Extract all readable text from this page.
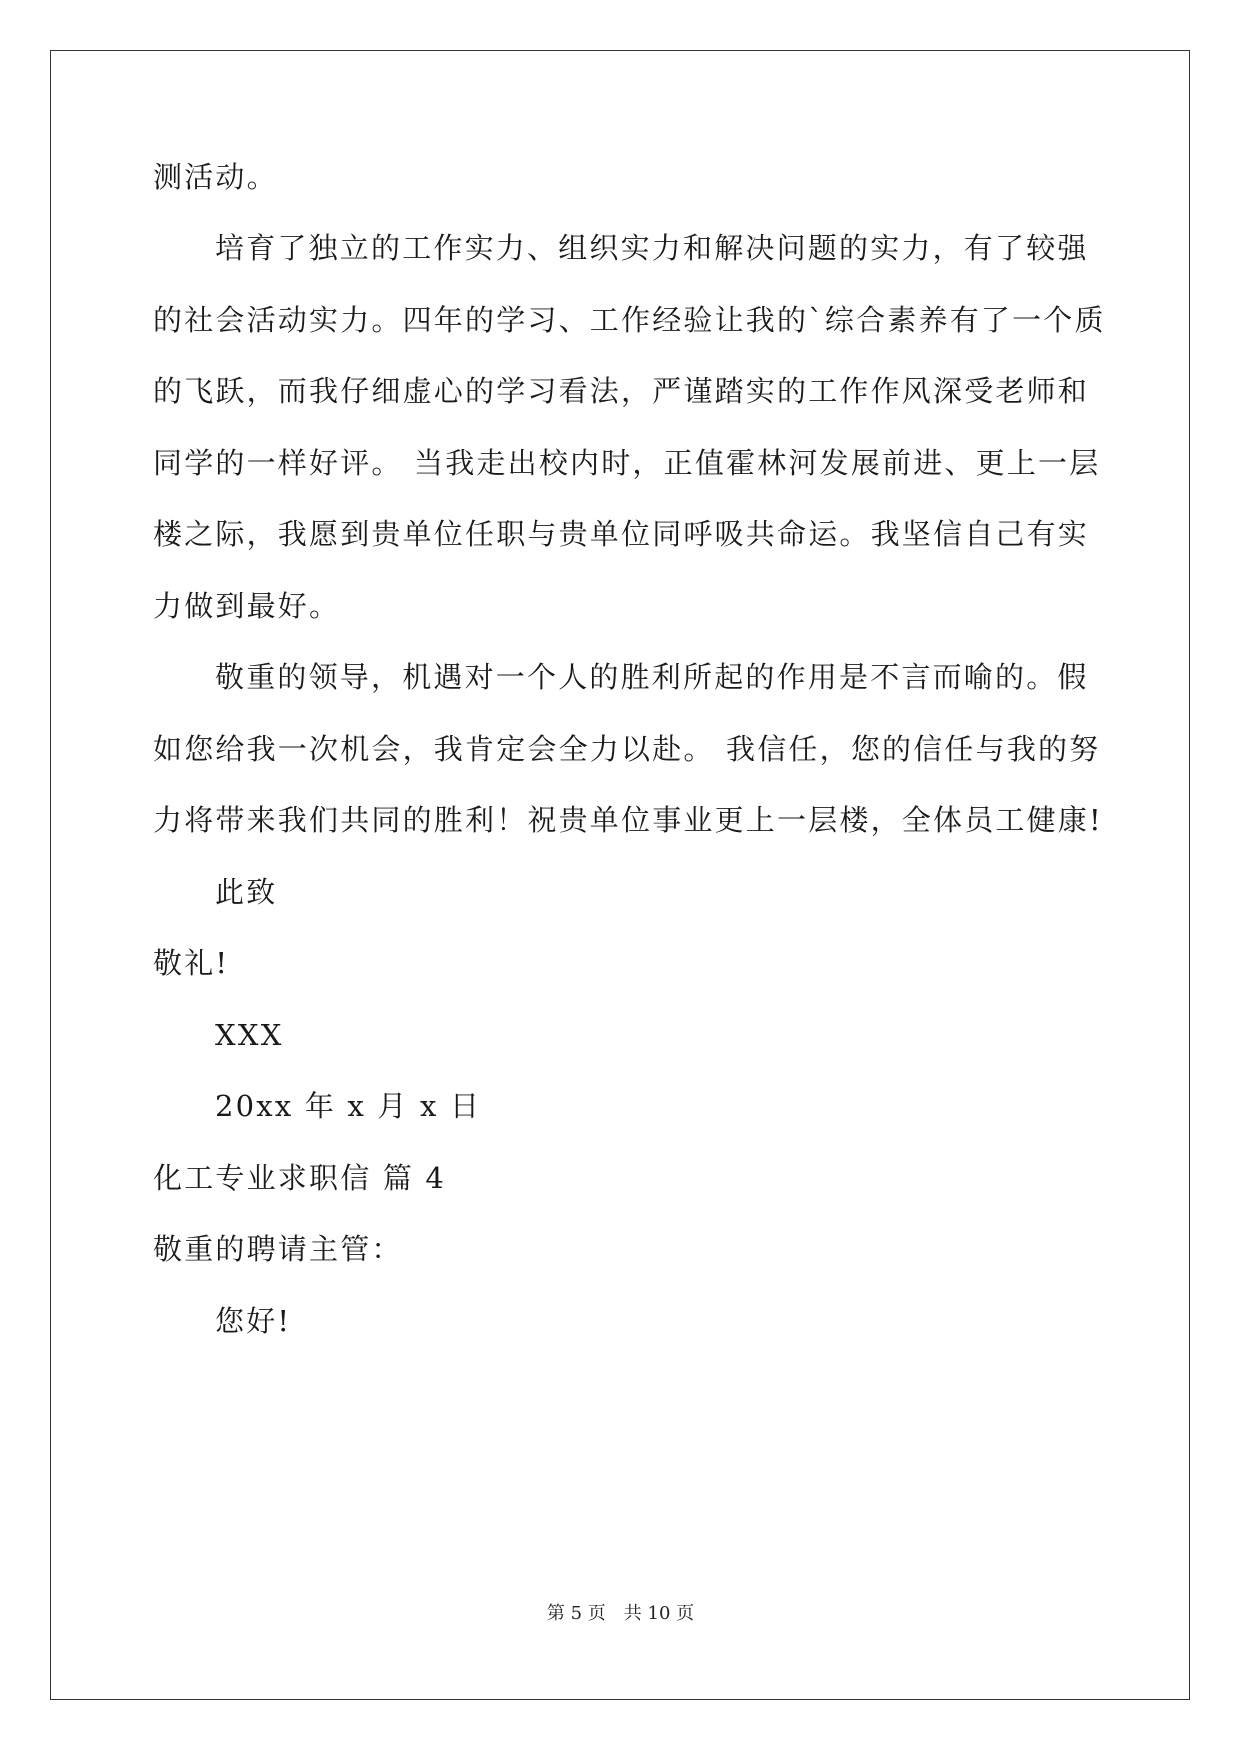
测活动。
培育了独立的工作实力、组织实力和解决问题的实力，有了较强
的社会活动实力。四年的学习、工作经验让我的`综合素养有了一个质
的飞跃，而我仔细虚心的学习看法，严谨踏实的工作作风深受老师和
同学的一样好评。 当我走出校内时，正值霍林河发展前进、更上一层
楼之际，我愿到贵单位任职与贵单位同呼吸共命运。我坚信自己有实
力做到最好。
敬重的领导，机遇对一个人的胜利所起的作用是不言而喻的。假
如您给我一次机会，我肯定会全力以赴。 我信任，您的信任与我的努
力将带来我们共同的胜利！祝贵单位事业更上一层楼，全体员工健康!
此致
敬礼!
XXX
20xx 年 x 月 x 日
化工专业求职信 篇 4
敬重的聘请主管：
您好!
第 5 页 共 10 页
